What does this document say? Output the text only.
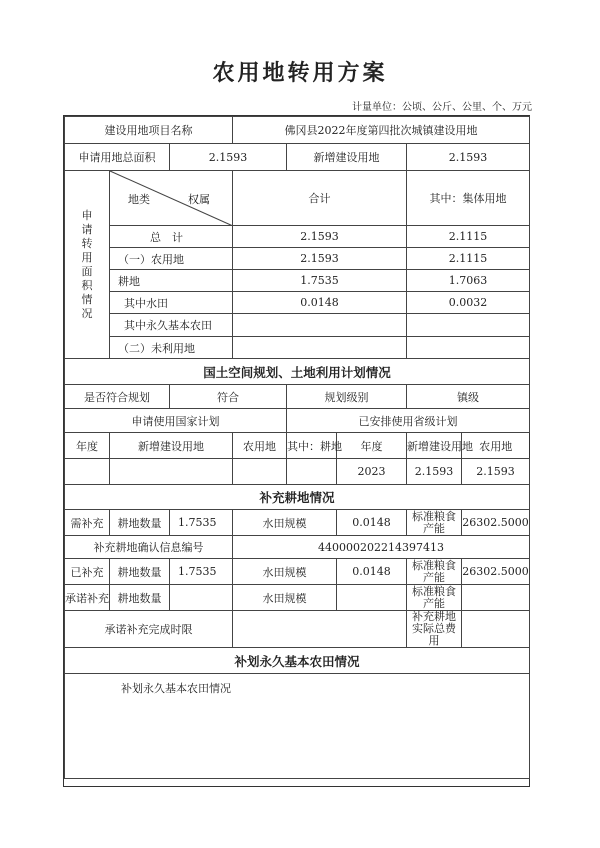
农用地转用方案
计量单位：公顷、公斤、公里、个、万元
建设用地项目名称			佛冈县2022年度第四批次城镇建设用地				
申请用地总面积		2.1593		新增建设用地		2.1593	

申请转用面积情况	地类 权属		合计			其中：集体用地	
	总　计		2.1593			2.1115	
	（一）农用地		2.1593			2.1115	
	耕地		1.7535			1.7063	
	其中水田		0.0148			0.0032	
	其中永久基本农田						
	（二）未利用地						
国土空间规划、土地利用计划情况							
是否符合规划		符合		规划级别		镇级	
申请使用国家计划				已安排使用省级计划			
年度	新增建设用地		农用地	其中：耕地	年度	新增建设用地	农用地
					2023	2.1593	2.1593
补充耕地情况							
需补充	耕地数量	1.7535	水田规模		0.0148	标准粮食产能	26302.5000
补充耕地确认信息编号			440000202214397413				
已补充	耕地数量	1.7535	水田规模		0.0148	标准粮食产能	26302.5000
承诺补充	耕地数量		水田规模			标准粮食产能	
承诺补充完成时限						补充耕地实际总费用	
补划永久基本农田情况							

补划永久基本农田情况							
